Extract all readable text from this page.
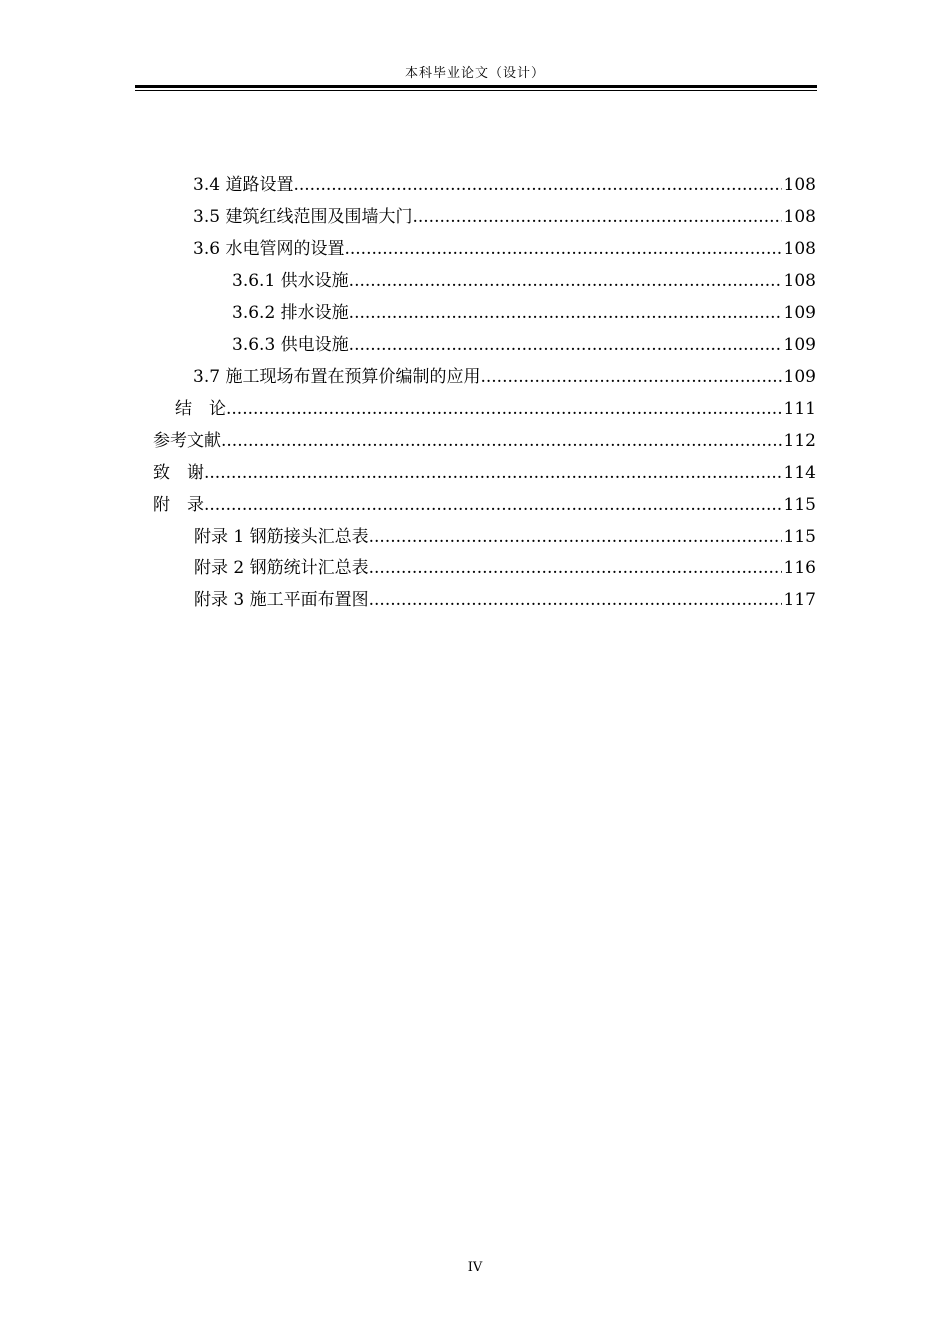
本科毕业论文（设计）
3.4 道路设置 .....	108
3.5 建筑红线范围及围墙大门 .....	108
3.6 水电管网的设置 .....	108
3.6.1 供水设施 .....	108
3.6.2 排水设施 .....	109
3.6.3 供电设施 .....	109
3.7 施工现场布置在预算价编制的应用 .....	109
结　论 .....	111
参考文献 .....	112
致　谢 .....	114
附　录 .....	115
附录 1 钢筋接头汇总表 .....	115
附录 2 钢筋统计汇总表 .....	116
附录 3 施工平面布置图 .....	117
IV
